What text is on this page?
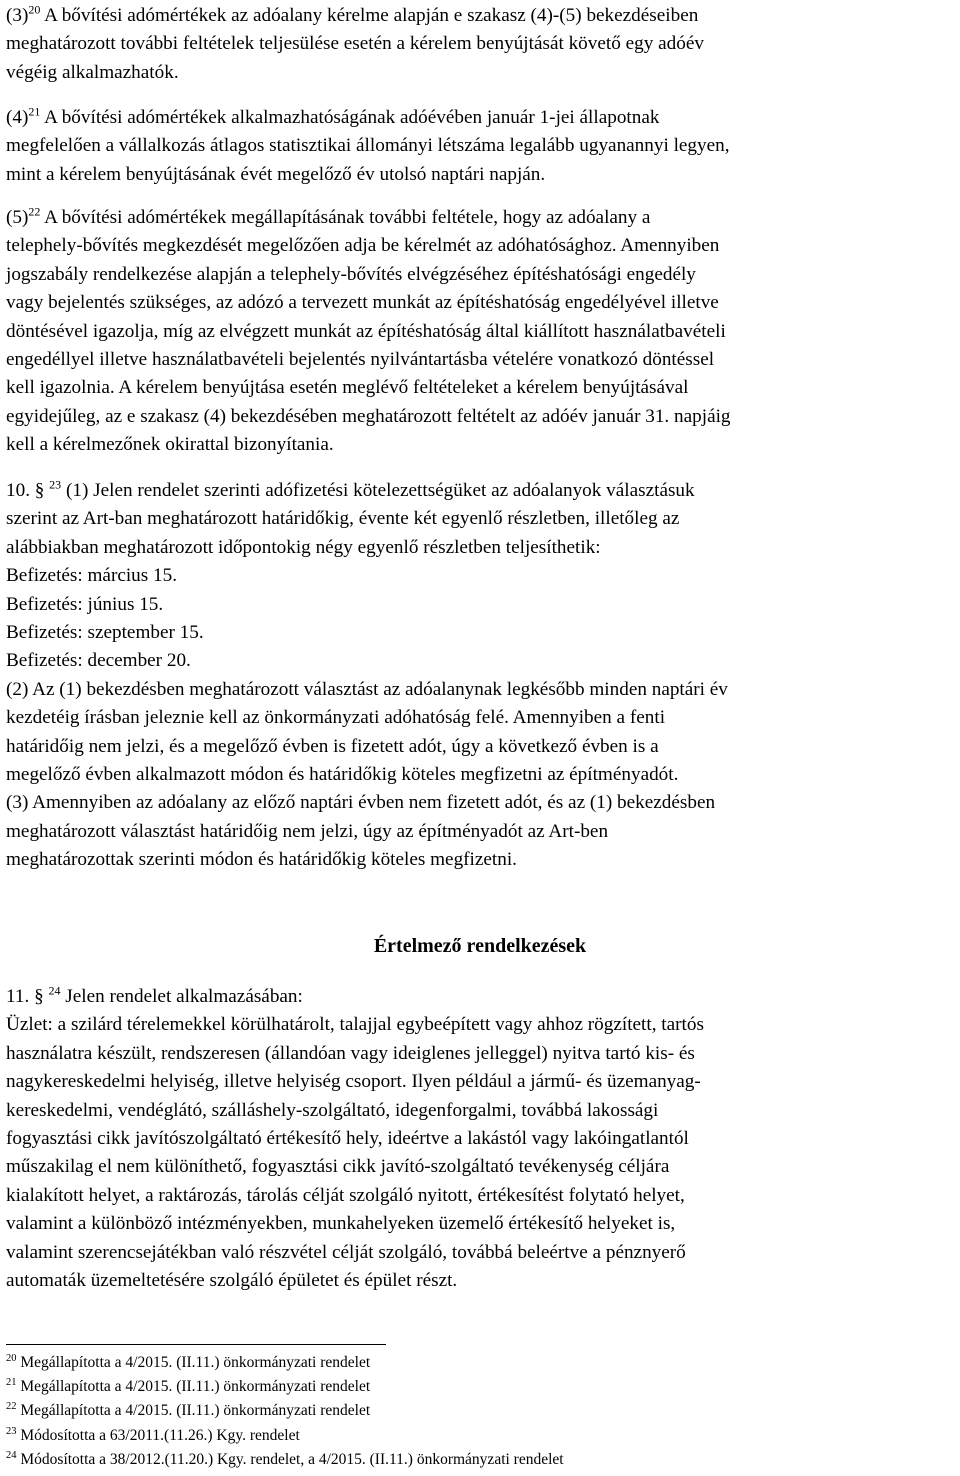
$(3)^{20}$ A bővítési adómértékek az adóalany kérelme alapján e szakasz (4)-(5) bekezdéseiben
meghatározott további feltételek teljesülése esetén a kérelem benyújtását követő egy adóév
végéig alkalmazhatók.
$(4)^{21}$ A bővítési adómértékek alkalmazhatóságának adóévében január 1-jei állapotnak
megfelelően a vállalkozás átlagos statisztikai állományi létszáma legalább ugyanannyi legyen,
mint a kérelem benyújtásának évét megelőző év utolsó naptári napján.
$(5)^{22}$ A bővítési adómértékek megállapításának további feltétele, hogy az adóalany a
telephely-bővítés megkezdését megelőzően adja be kérelmét az adóhatósághoz. Amennyiben
jogszabály rendelkezése alapján a telephely-bővítés elvégzéséhez építéshatósági engedély
vagy bejelentés szükséges, az adózó a tervezett munkát az építéshatóság engedélyével illetve
döntésével igazolja, míg az elvégzett munkát az építéshatóság által kiállított használatbavételi
engedéllyel illetve használatbavételi bejelentés nyilvántartásba vételére vonatkozó döntéssel
kell igazolnia. A kérelem benyújtása esetén meglévő feltételeket a kérelem benyújtásával
egyidejűleg, az e szakasz (4) bekezdésében meghatározott feltételt az adóév január 31. napjáig
kell a kérelmezőnek okirattal bizonyítania.
10. § $^{23}$ (1) Jelen rendelet szerinti adófizetési kötelezettségüket az adóalanyok választásuk
szerint az Art-ban meghatározott határidőkig, évente két egyenlő részletben, illetőleg az
alábbiakban meghatározott időpontokig négy egyenlő részletben teljesíthetik:
Befizetés: március 15.
Befizetés: június 15.
Befizetés: szeptember 15.
Befizetés: december 20.
(2) Az (1) bekezdésben meghatározott választást az adóalanynak legkésőbb minden naptári év
kezdetéig írásban jeleznie kell az önkormányzati adóhatóság felé. Amennyiben a fenti
határidőig nem jelzi, és a megelőző évben is fizetett adót, úgy a következő évben is a
megelőző évben alkalmazott módon és határidőkig köteles megfizetni az építményadót.
(3) Amennyiben az adóalany az előző naptári évben nem fizetett adót, és az (1) bekezdésben
meghatározott választást határidőig nem jelzi, úgy az építményadót az Art-ben
meghatározottak szerinti módon és határidőkig köteles megfizetni.
Értelmező rendelkezések
11. § $^{24}$ Jelen rendelet alkalmazásában:
Üzlet: a szilárd térelemekkel körülhatárolt, talajjal egybeépített vagy ahhoz rögzített, tartós
használatra készült, rendszeresen (állandóan vagy ideiglenes jelleggel) nyitva tartó kis- és
nagykereskedelmi helyiség, illetve helyiség csoport. Ilyen például a jármű- és üzemanyag-
kereskedelmi, vendéglátó, szálláshely-szolgáltató, idegenforgalmi, továbbá lakossági
fogyasztási cikk javítószolgáltató értékesítő hely, ideértve a lakástól vagy lakóingatlantól
műszakilag el nem különíthető, fogyasztási cikk javító-szolgáltató tevékenység céljára
kialakított helyet, a raktározás, tárolás célját szolgáló nyitott, értékesítést folytató helyet,
valamint a különböző intézményekben, munkahelyeken üzemelő értékesítő helyeket is,
valamint szerencsejátékban való részvétel célját szolgáló, továbbá beleértve a pénznyerő
automaták üzemeltetésére szolgáló épületet és épület részt.
$^{20}$ Megállapította a 4/2015. (II.11.) önkormányzati rendelet
$^{21}$ Megállapította a 4/2015. (II.11.) önkormányzati rendelet
$^{22}$ Megállapította a 4/2015. (II.11.) önkormányzati rendelet
$^{23}$ Módosította a 63/2011.(11.26.) Kgy. rendelet
$^{24}$ Módosította a 38/2012.(11.20.) Kgy. rendelet, a 4/2015. (II.11.) önkormányzati rendelet
